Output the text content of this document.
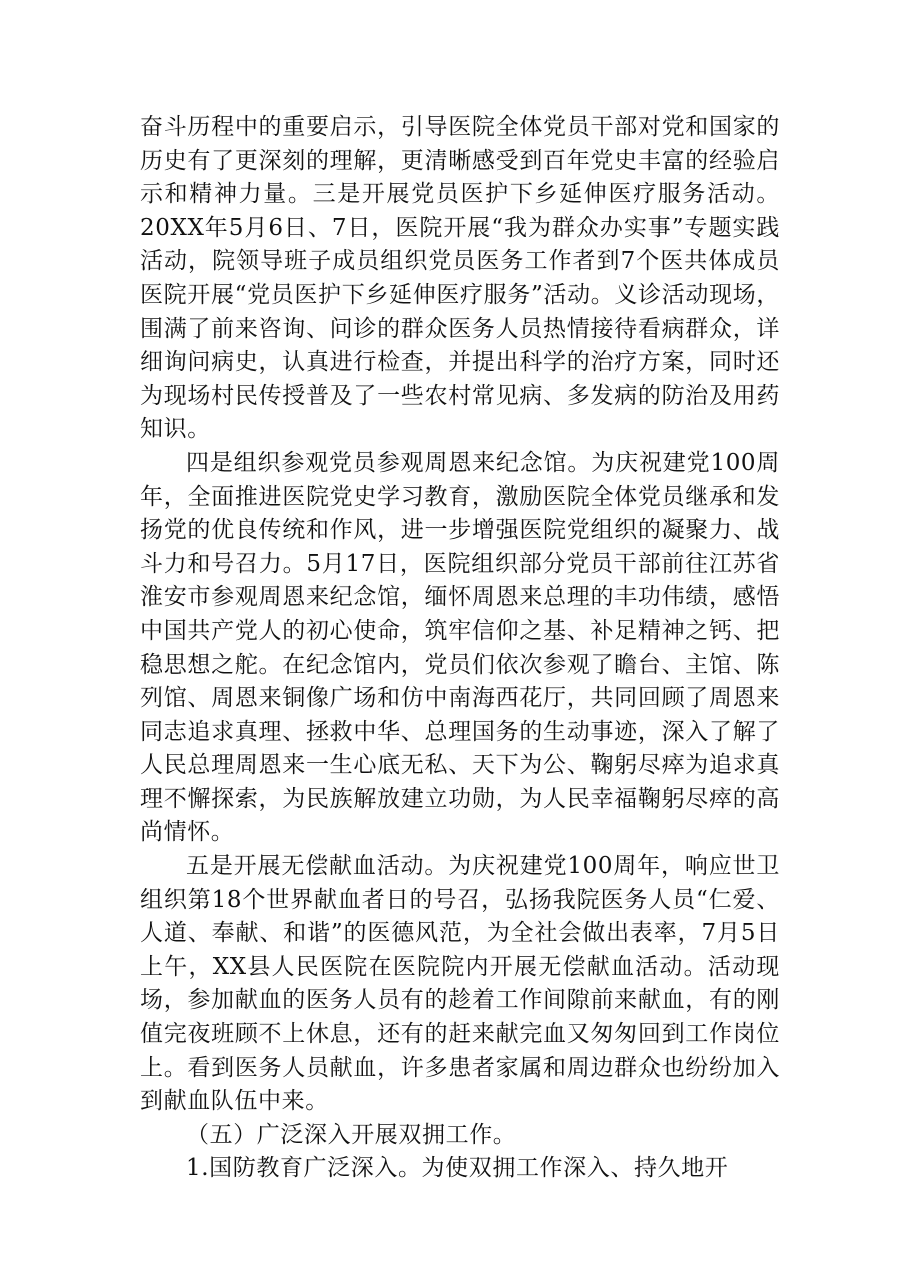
奋斗历程中的重要启示，引导医院全体党员干部对党和国家的历史有了更深刻的理解，更清晰感受到百年党史丰富的经验启示和精神力量。三是开展党员医护下乡延伸医疗服务活动。20XX年5月6日、7日，医院开展“我为群众办实事”专题实践活动，院领导班子成员组织党员医务工作者到7个医共体成员医院开展“党员医护下乡延伸医疗服务”活动。义诊活动现场，围满了前来咨询、问诊的群众医务人员热情接待看病群众，详细询问病史，认真进行检查，并提出科学的治疗方案，同时还为现场村民传授普及了一些农村常见病、多发病的防治及用药知识。

四是组织参观党员参观周恩来纪念馆。为庆祝建党100周年，全面推进医院党史学习教育，激励医院全体党员继承和发扬党的优良传统和作风，进一步增强医院党组织的凝聚力、战斗力和号召力。5月17日，医院组织部分党员干部前往江苏省淮安市参观周恩来纪念馆，缅怀周恩来总理的丰功伟绩，感悟中国共产党人的初心使命，筑牢信仰之基、补足精神之钙、把稳思想之舵。在纪念馆内，党员们依次参观了瞻台、主馆、陈列馆、周恩来铜像广场和仿中南海西花厅，共同回顾了周恩来同志追求真理、拯救中华、总理国务的生动事迹，深入了解了人民总理周恩来一生心底无私、天下为公、鞠躬尽瘁为追求真理不懈探索，为民族解放建立功勋，为人民幸福鞠躬尽瘁的高尚情怀。

五是开展无偿献血活动。为庆祝建党100周年，响应世卫组织第18个世界献血者日的号召，弘扬我院医务人员“仁爱、人道、奉献、和谐”的医德风范，为全社会做出表率，7月5日上午，XX县人民医院在医院院内开展无偿献血活动。活动现场，参加献血的医务人员有的趁着工作间隙前来献血，有的刚值完夜班顾不上休息，还有的赶来献完血又匆匆回到工作岗位上。看到医务人员献血，许多患者家属和周边群众也纷纷加入到献血队伍中来。

（五）广泛深入开展双拥工作。

1.国防教育广泛深入。为使双拥工作深入、持久地开
